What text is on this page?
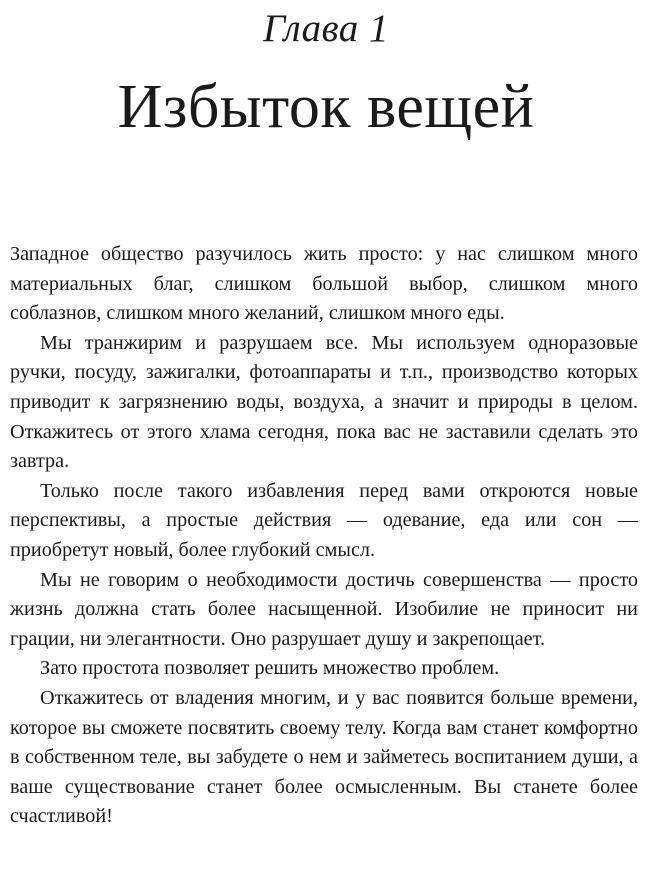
Глава 1
Избыток вещей

Западное общество разучилось жить просто: у нас слишком много материальных благ, слишком большой выбор, слишком много соблазнов, слишком много желаний, слишком много еды.

Мы транжирим и разрушаем все. Мы используем одноразовые ручки, посуду, зажигалки, фотоаппараты и т.п., производство которых приводит к загрязнению воды, воздуха, а значит и природы в целом. Откажитесь от этого хлама сегодня, пока вас не заставили сделать это завтра.

Только после такого избавления перед вами откроются новые перспективы, а простые действия — одевание, еда или сон — приобретут новый, более глубокий смысл.

Мы не говорим о необходимости достичь совершенства — просто жизнь должна стать более насыщенной. Изобилие не приносит ни грации, ни элегантности. Оно разрушает душу и закрепощает.

Зато простота позволяет решить множество проблем.

Откажитесь от владения многим, и у вас появится больше времени, которое вы сможете посвятить своему телу. Когда вам станет комфортно в собственном теле, вы забудете о нем и займетесь воспитанием души, а ваше существование станет более осмысленным. Вы станете более счастливой!
